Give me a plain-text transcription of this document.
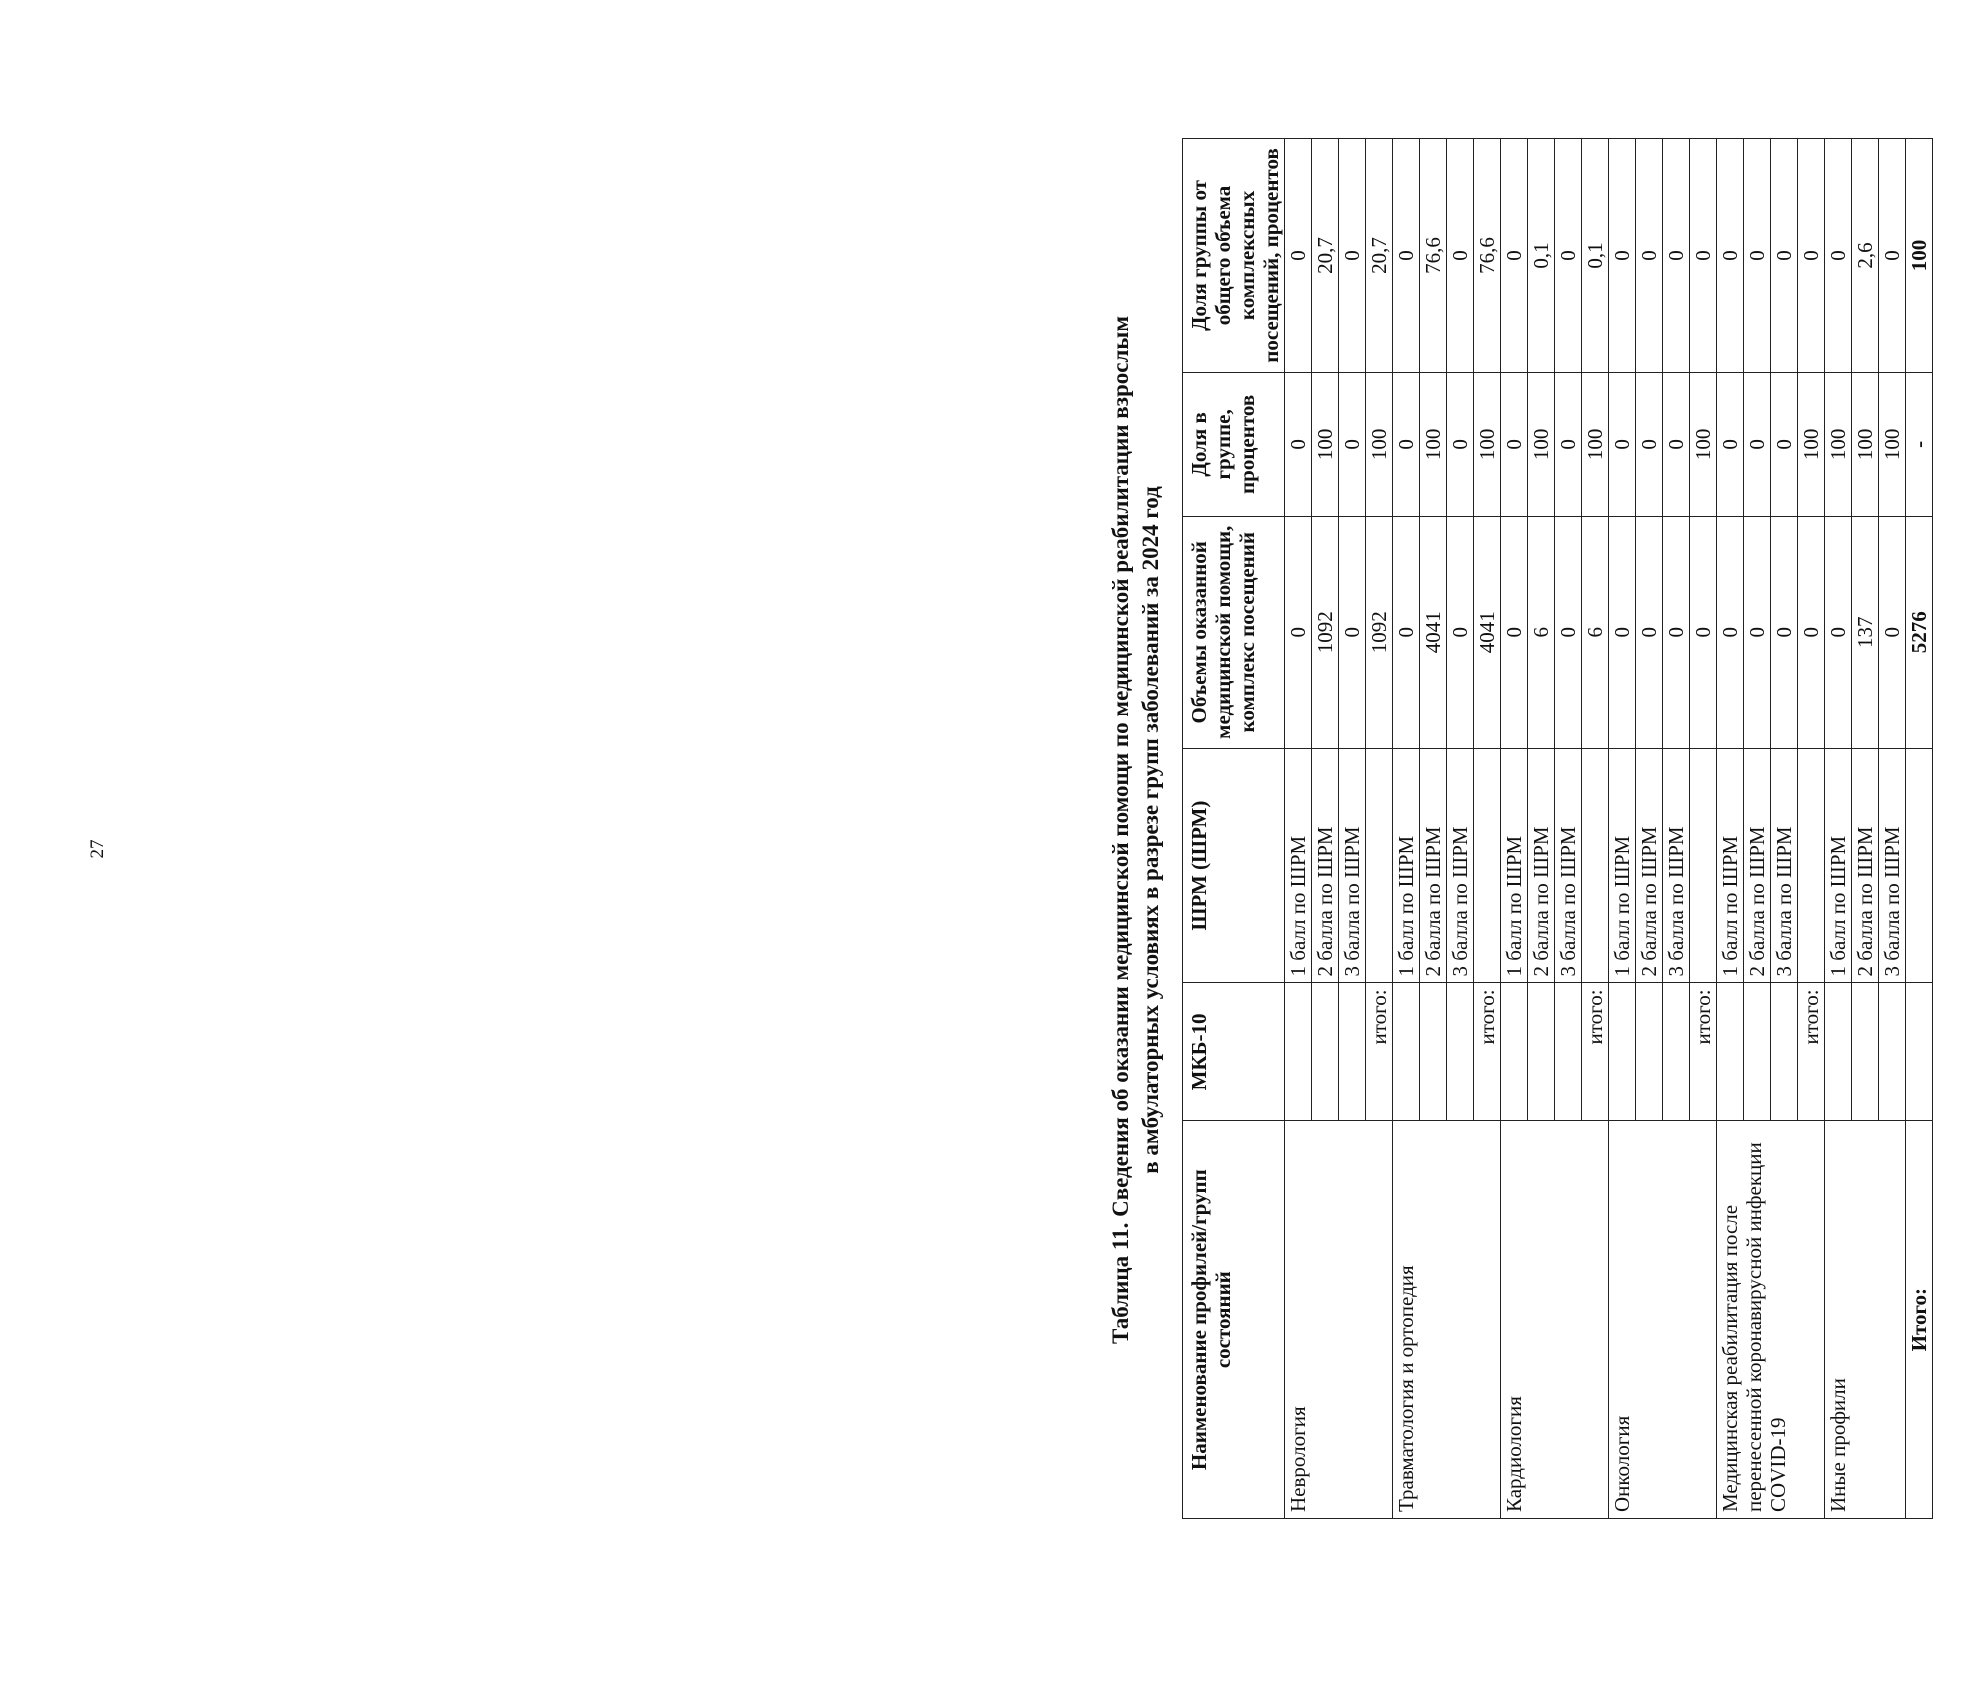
27	Таблица 11. Сведения об оказании медицинской помощи по медицинской реабилитации взрослым в амбулаторных условиях в разрезе групп заболеваний за 2024 год
Наименование профилей/групп состояний	МКБ-10	ШРМ (ШРМ)	Объемы оказанной медицинской помощи, комплекс посещений	Доля в группе, процентов	Доля группы от общего объема комплексных посещений, процентов
Неврология		1 балл по ШРМ	0	0	0
		2 балла по ШРМ	1092	100	20,7
		3 балла по ШРМ	0	0	0
	итого:		1092	100	20,7
Травматология и ортопедия		1 балл по ШРМ	0	0	0
		2 балла по ШРМ	4041	100	76,6
		3 балла по ШРМ	0	0	0
	итого:		4041	100	76,6
Кардиология		1 балл по ШРМ	0	0	0
		2 балла по ШРМ	6	100	0,1
		3 балла по ШРМ	0	0	0
	итого:		6	100	0,1
Онкология		1 балл по ШРМ	0	0	0
		2 балла по ШРМ	0	0	0
		3 балла по ШРМ	0	0	0
	итого:		0	100	0
Медицинская реабилитация после перенесенной коронавирусной инфекции COVID-19		1 балл по ШРМ	0	0	0
		2 балла по ШРМ	0	0	0
		3 балла по ШРМ	0	0	0
	итого:		0	100	0
Иные профили		1 балл по ШРМ	0	100	0
		2 балла по ШРМ	137	100	2,6
		3 балла по ШРМ	0	100	0
Итого:			5276	-	100
